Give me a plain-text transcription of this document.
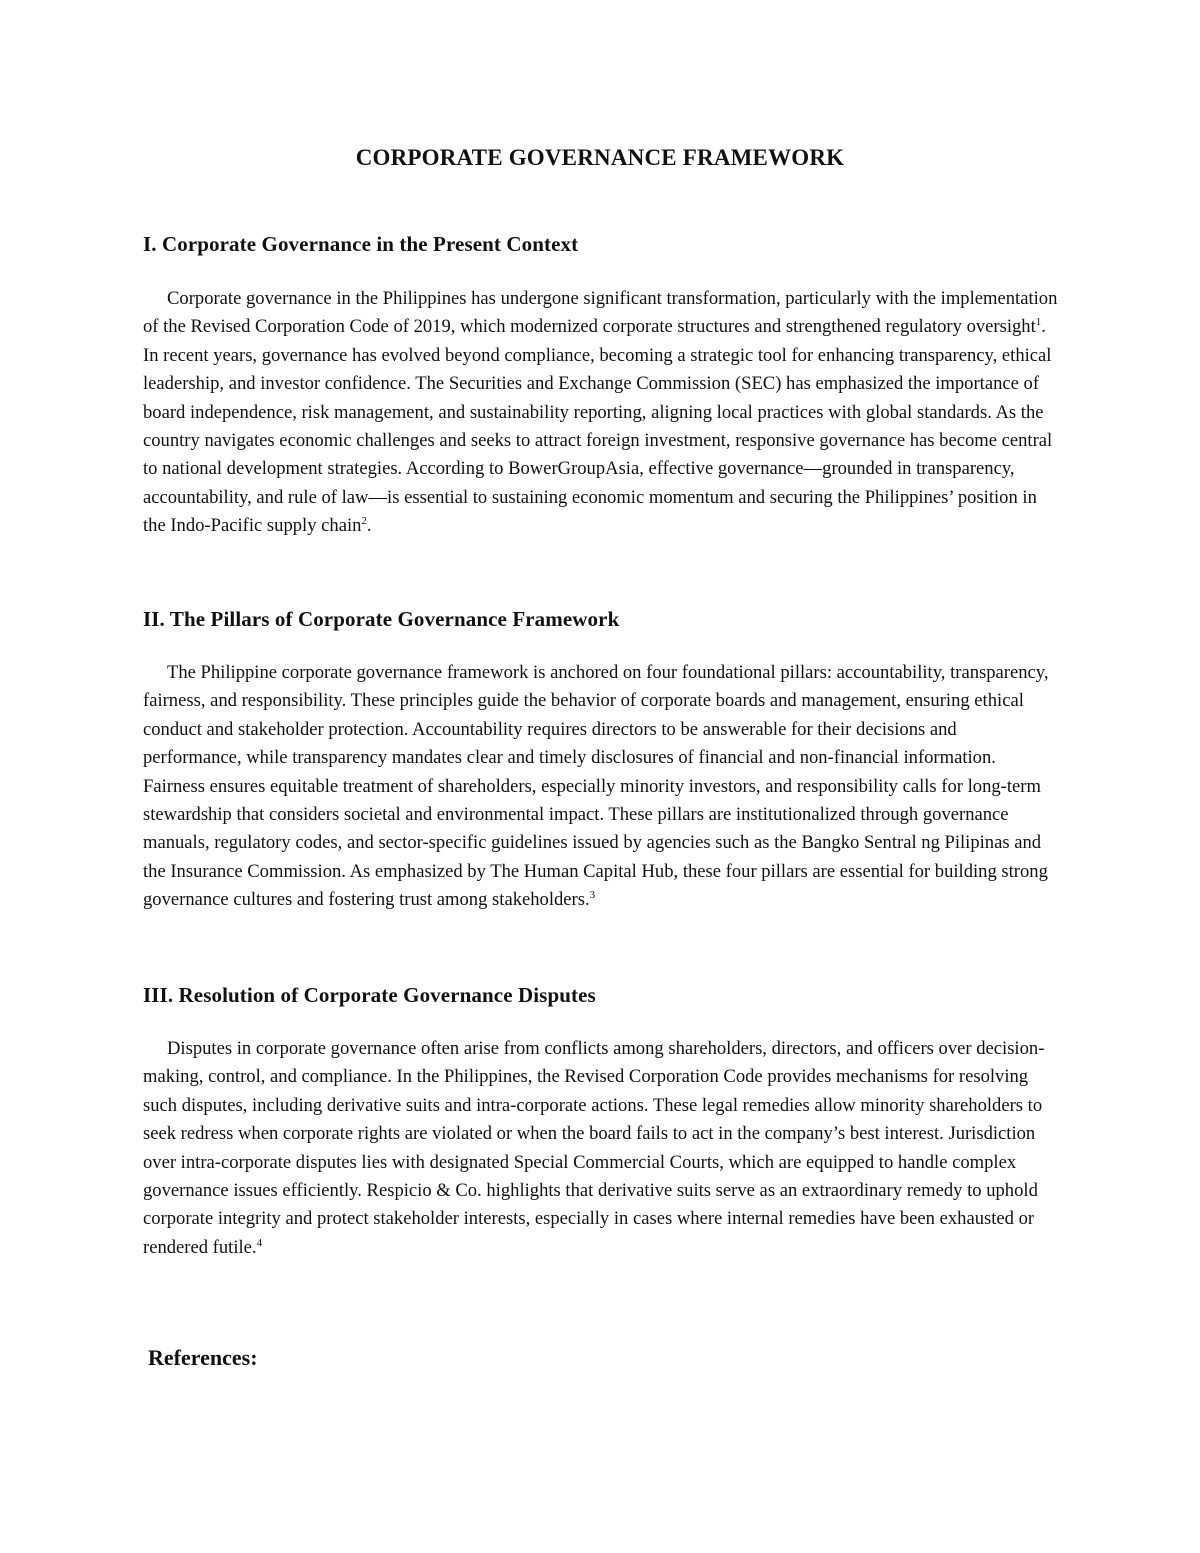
CORPORATE GOVERNANCE FRAMEWORK
I. Corporate Governance in the Present Context

Corporate governance in the Philippines has undergone significant transformation, particularly with the implementation of the Revised Corporation Code of 2019, which modernized corporate structures and strengthened regulatory oversight$^1$. In recent years, governance has evolved beyond compliance, becoming a strategic tool for enhancing transparency, ethical leadership, and investor confidence. The Securities and Exchange Commission (SEC) has emphasized the importance of board independence, risk management, and sustainability reporting, aligning local practices with global standards. As the country navigates economic challenges and seeks to attract foreign investment, responsive governance has become central to national development strategies. According to BowerGroupAsia, effective governance—grounded in transparency, accountability, and rule of law—is essential to sustaining economic momentum and securing the Philippines’ position in the Indo-Pacific supply chain$^2$.

II. The Pillars of Corporate Governance Framework

The Philippine corporate governance framework is anchored on four foundational pillars: accountability, transparency, fairness, and responsibility. These principles guide the behavior of corporate boards and management, ensuring ethical conduct and stakeholder protection. Accountability requires directors to be answerable for their decisions and performance, while transparency mandates clear and timely disclosures of financial and non-financial information. Fairness ensures equitable treatment of shareholders, especially minority investors, and responsibility calls for long-term stewardship that considers societal and environmental impact. These pillars are institutionalized through governance manuals, regulatory codes, and sector-specific guidelines issued by agencies such as the Bangko Sentral ng Pilipinas and the Insurance Commission. As emphasized by The Human Capital Hub, these four pillars are essential for building strong governance cultures and fostering trust among stakeholders.$^3$

III. Resolution of Corporate Governance Disputes

Disputes in corporate governance often arise from conflicts among shareholders, directors, and officers over decision-making, control, and compliance. In the Philippines, the Revised Corporation Code provides mechanisms for resolving such disputes, including derivative suits and intra-corporate actions. These legal remedies allow minority shareholders to seek redress when corporate rights are violated or when the board fails to act in the company’s best interest. Jurisdiction over intra-corporate disputes lies with designated Special Commercial Courts, which are equipped to handle complex governance issues efficiently. Respicio & Co. highlights that derivative suits serve as an extraordinary remedy to uphold corporate integrity and protect stakeholder interests, especially in cases where internal remedies have been exhausted or rendered futile.$^4$

References:
